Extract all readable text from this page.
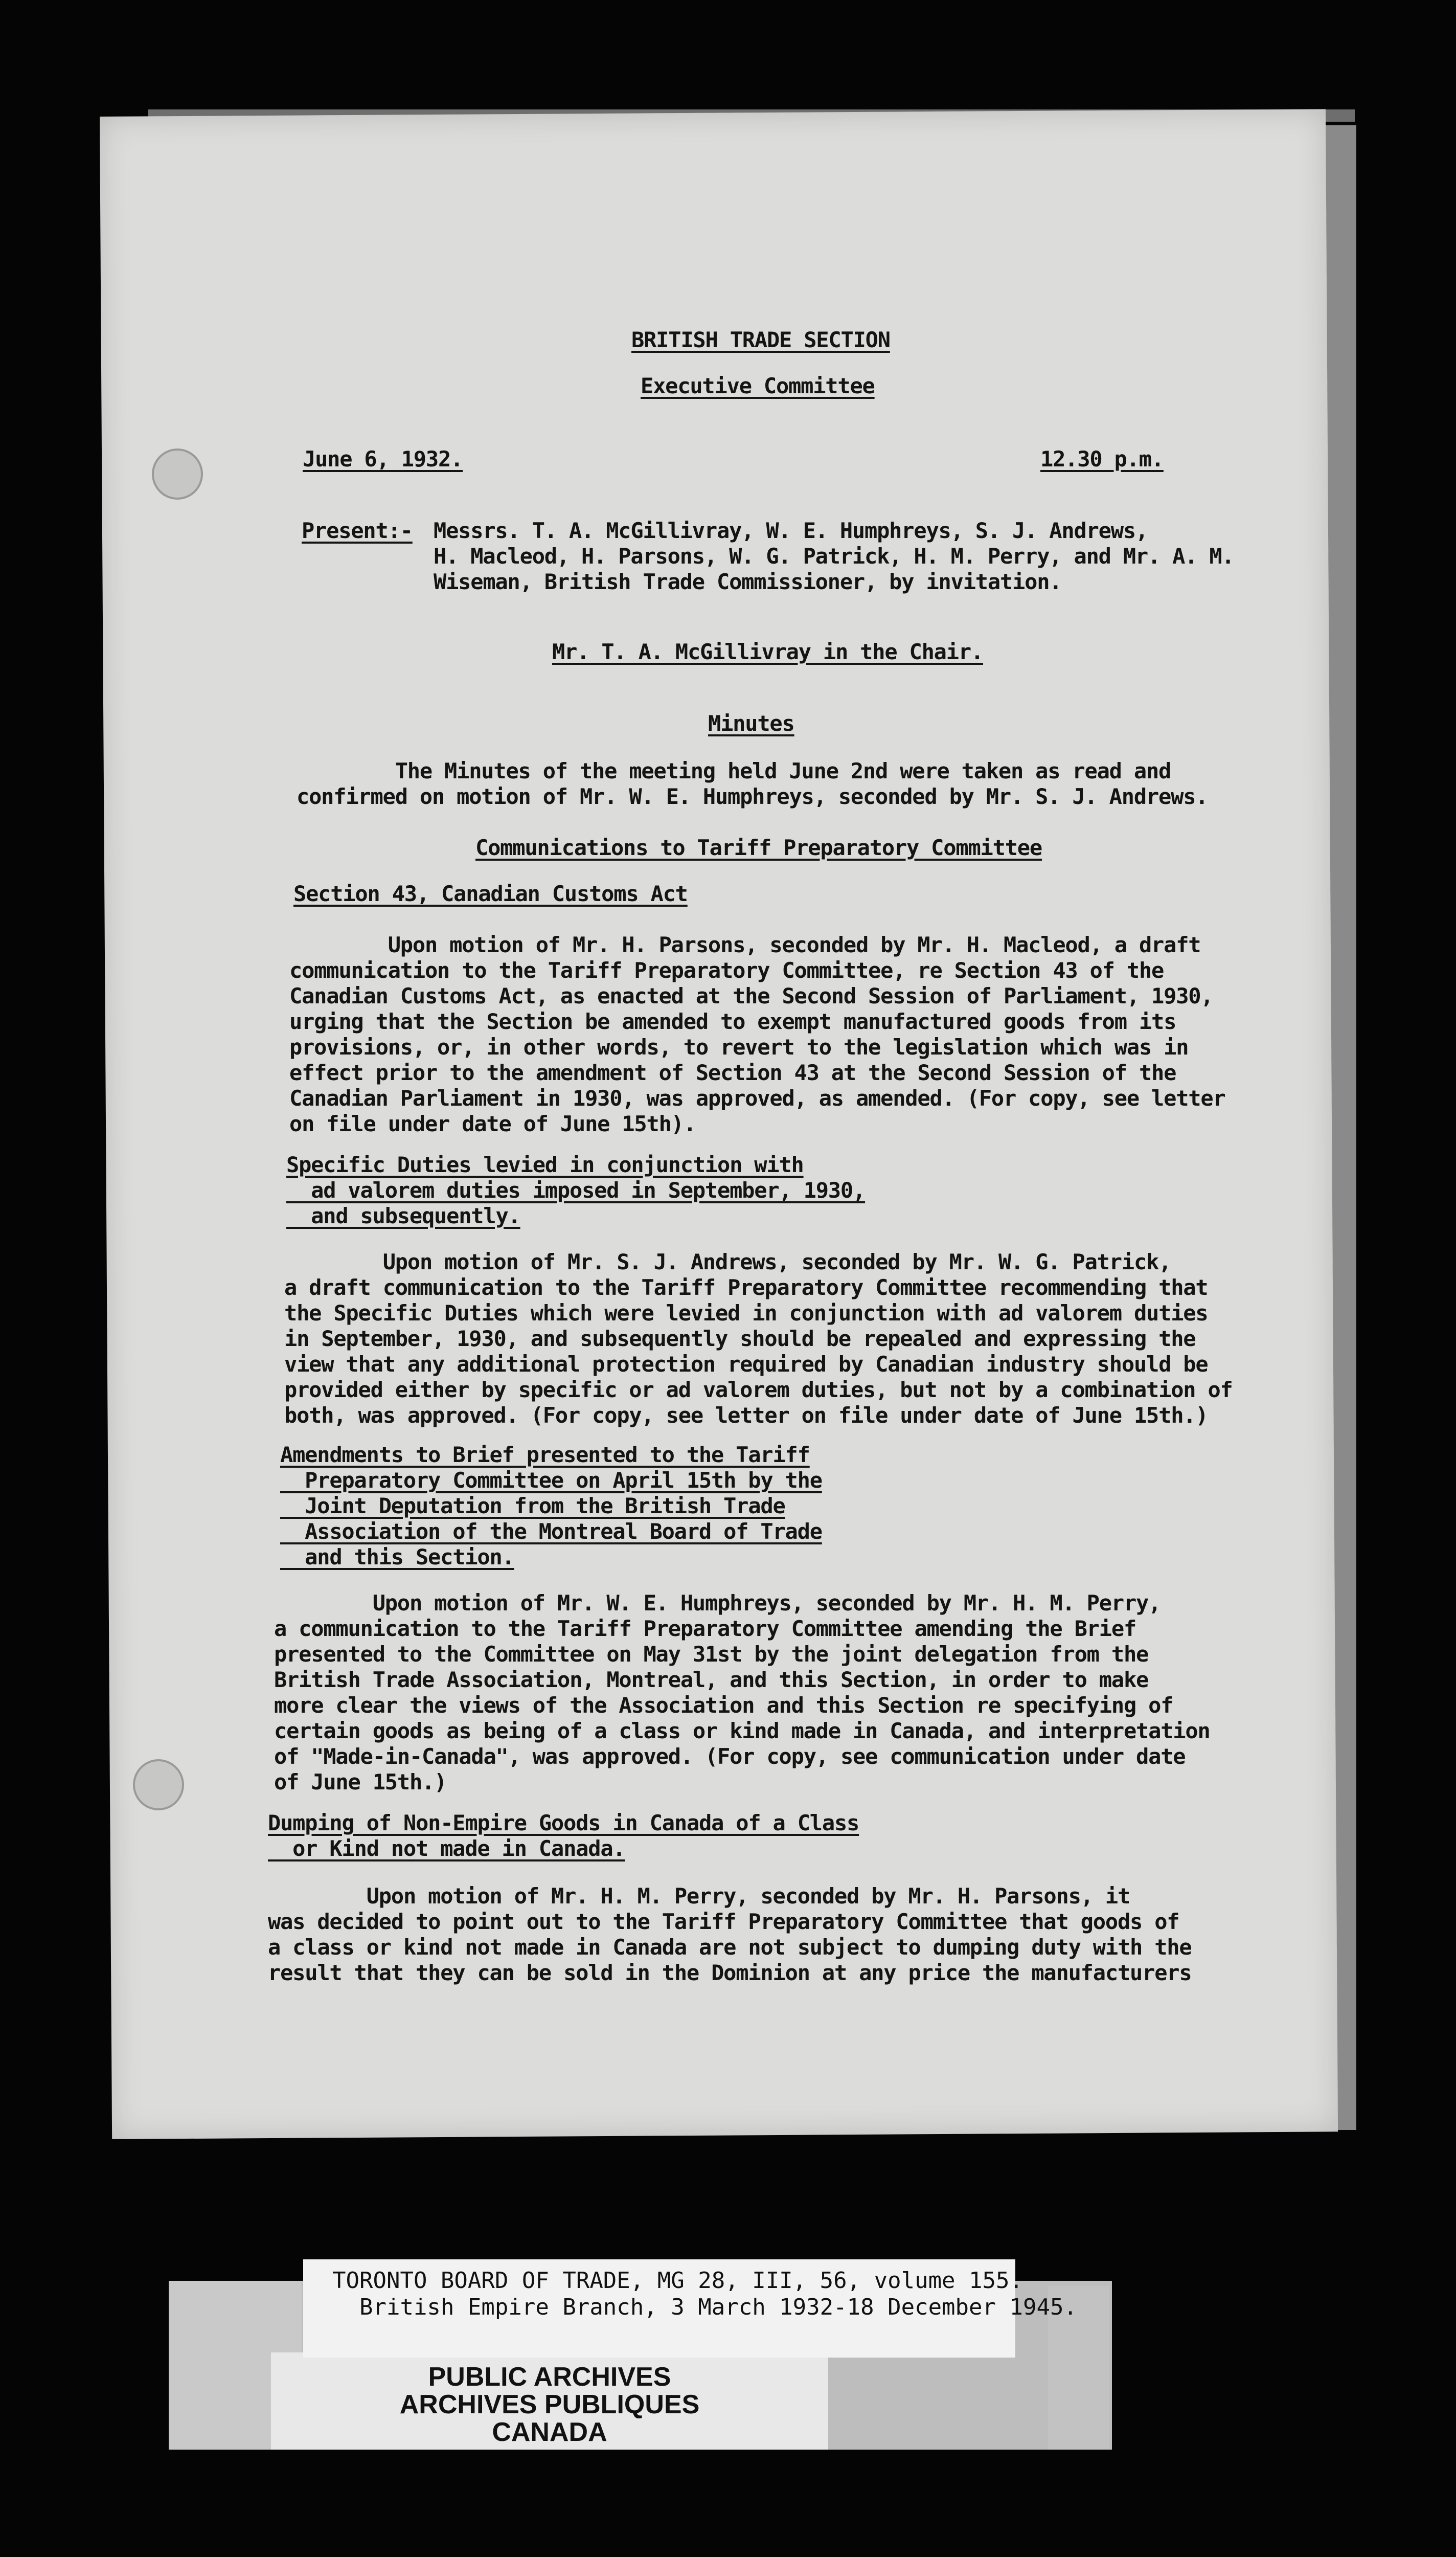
BRITISH TRADE SECTION
Executive Committee
June 6, 1932.	12.30 p.m.
Present:- Messrs. T. A. McGillivray, W. E. Humphreys, S. J. Andrews,
H. Macleod, H. Parsons, W. G. Patrick, H. M. Perry, and Mr. A. M.
Wiseman, British Trade Commissioner, by invitation.
Mr. T. A. McGillivray in the Chair.
Minutes
The Minutes of the meeting held June 2nd were taken as read and
confirmed on motion of Mr. W. E. Humphreys, seconded by Mr. S. J. Andrews.
Communications to Tariff Preparatory Committee
Section 43, Canadian Customs Act
Upon motion of Mr. H. Parsons, seconded by Mr. H. Macleod, a draft
communication to the Tariff Preparatory Committee, re Section 43 of the
Canadian Customs Act, as enacted at the Second Session of Parliament, 1930,
urging that the Section be amended to exempt manufactured goods from its
provisions, or, in other words, to revert to the legislation which was in
effect prior to the amendment of Section 43 at the Second Session of the
Canadian Parliament in 1930, was approved, as amended. (For copy, see letter
on file under date of June 15th).
Specific Duties levied in conjunction with
ad valorem duties imposed in September, 1930,
and subsequently.
Upon motion of Mr. S. J. Andrews, seconded by Mr. W. G. Patrick,
a draft communication to the Tariff Preparatory Committee recommending that
the Specific Duties which were levied in conjunction with ad valorem duties
in September, 1930, and subsequently should be repealed and expressing the
view that any additional protection required by Canadian industry should be
provided either by specific or ad valorem duties, but not by a combination of
both, was approved. (For copy, see letter on file under date of June 15th.)
Amendments to Brief presented to the Tariff
Preparatory Committee on April 15th by the
Joint Deputation from the British Trade
Association of the Montreal Board of Trade
and this Section.
Upon motion of Mr. W. E. Humphreys, seconded by Mr. H. M. Perry,
a communication to the Tariff Preparatory Committee amending the Brief
presented to the Committee on May 31st by the joint delegation from the
British Trade Association, Montreal, and this Section, in order to make
more clear the views of the Association and this Section re specifying of
certain goods as being of a class or kind made in Canada, and interpretation
of "Made-in-Canada", was approved. (For copy, see communication under date
of June 15th.)
Dumping of Non-Empire Goods in Canada of a Class
or Kind not made in Canada.
Upon motion of Mr. H. M. Perry, seconded by Mr. H. Parsons, it
was decided to point out to the Tariff Preparatory Committee that goods of
a class or kind not made in Canada are not subject to dumping duty with the
result that they can be sold in the Dominion at any price the manufacturers
TORONTO BOARD OF TRADE, MG 28, III, 56, volume 155.
British Empire Branch, 3 March 1932-18 December 1945.
PUBLIC ARCHIVES
ARCHIVES PUBLIQUES
CANADA
